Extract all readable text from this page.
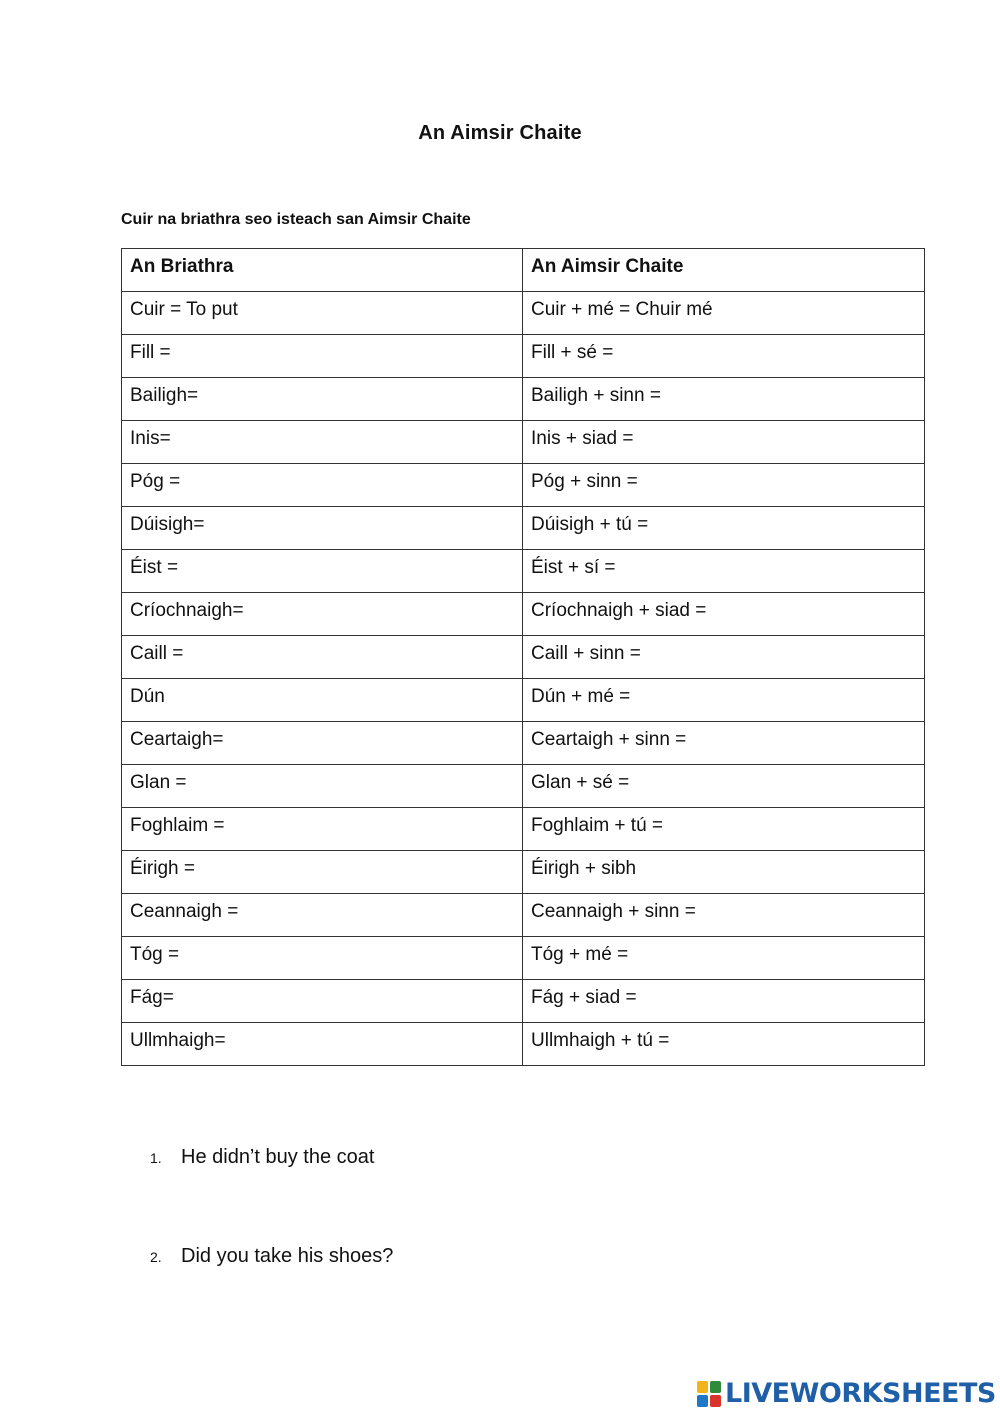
An Aimsir Chaite
Cuir na briathra seo isteach san Aimsir Chaite
An Briathra	An Aimsir Chaite
Cuir = To put	Cuir + mé = Chuir mé
Fill =	Fill + sé =
Bailigh=	Bailigh + sinn =
Inis=	Inis + siad =
Póg =	Póg + sinn =
Dúisigh=	Dúisigh + tú =
Éist =	Éist + sí =
Críochnaigh=	Críochnaigh + siad =
Caill =	Caill + sinn =
Dún	Dún + mé =
Ceartaigh=	Ceartaigh + sinn =
Glan =	Glan + sé =
Foghlaim =	Foghlaim + tú =
Éirigh =	Éirigh + sibh
Ceannaigh =	Ceannaigh + sinn =
Tóg =	Tóg + mé =
Fág=	Fág + siad =
Ullmhaigh=	Ullmhaigh + tú =
1. He didn’t buy the coat
2. Did you take his shoes?
LIVEWORKSHEETS
